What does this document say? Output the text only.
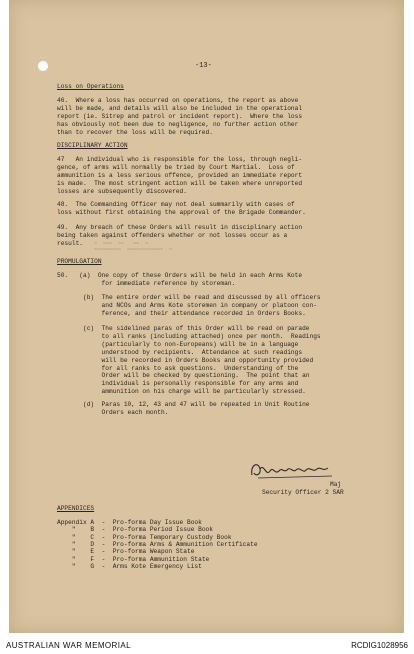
-13-
Loss on Operations
46.  Where a loss has occurred on operations, the report as above
will be made, and details will also be included in the operational
report (ie. Sitrep and patrol or incident report).  Where the loss
has obviously not been due to negligence, no further action other
than to recover the loss will be required.
DISCIPLINARY ACTION
47   An individual who is responsible for the loss, through negli-
gence, of arms will normally be tried by Court Martial.  Loss of
ammunition is a less serious offence, provided an immediate report
is made.  The most stringent action will be taken where unreported
losses are subsequently discovered.
48.  The Commanding Officer may not deal summarily with cases of
loss without first obtaining the approval of the Brigade Commander.
49.  Any breach of these Orders will result in disciplinary action
being taken against offenders whether or not losses occur as a
result.	~  ~~~  ~~   ~~  ~
~~~~~~~~~  ~~~~~~~~~~~~  ~
PROMULGATION
50.   (a)  One copy of these Orders will be held in each Arms Kote
for immediate reference by storeman.
(b)  The entire order will be read and discussed by all officers
and NCOs and Arms Kote storemen in company or platoon con-
ference, and their attendance recorded in Orders Books.
(c)  The sidelined paras of this Order will be read on parade
to all ranks (including attached) once per month.  Readings
(particularly to non-Europeans) will be in a language
understood by recipients.  Attendance at such readings
will be recorded in Orders Books and opportunity provided
for all ranks to ask questions.  Understanding of the
Order will be checked by questioning.  The point that an
individual is personally responsible for any arms and
ammunition on his charge will be particularly stressed.
(d)  Paras 10, 12, 43 and 47 will be repeated in Unit Routine
Orders each month.
Maj
Security Officer 2 SAR
APPENDICES
Appendix A  -  Pro-forma Day Issue Book
"    B  -  Pro-forma Period Issue Book
"    C  -  Pro-forma Temporary Custody Book
"    D  -  Pro-forma Arms & Ammunition Certificate
"    E  -  Pro-forma Weapon State
"    F  -  Pro-forma Ammunition State
"    G  -  Arms Kote Emergency List
AUSTRALIAN WAR MEMORIAL	RCDIG1028956
